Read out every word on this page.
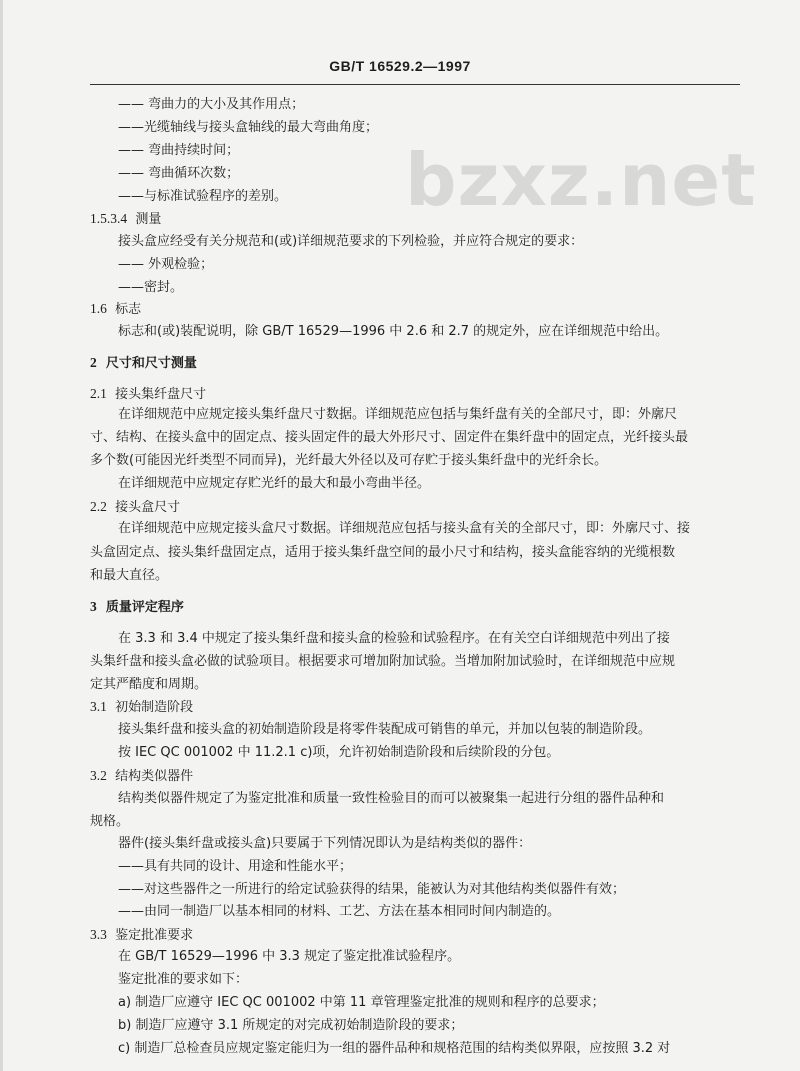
GB/T 16529.2—1997
bzxz.net
—— 弯曲力的大小及其作用点；
——光缆轴线与接头盒轴线的最大弯曲角度；
—— 弯曲持续时间；
—— 弯曲循环次数；
——与标准试验程序的差别。
1.5.3.4 测量
接头盒应经受有关分规范和(或)详细规范要求的下列检验，并应符合规定的要求：
—— 外观检验；
——密封。
1.6 标志
标志和(或)装配说明，除 GB/T 16529—1996 中 2.6 和 2.7 的规定外，应在详细规范中给出。
2 尺寸和尺寸测量
2.1 接头集纤盘尺寸
在详细规范中应规定接头集纤盘尺寸数据。详细规范应包括与集纤盘有关的全部尺寸，即：外廓尺
寸、结构、在接头盒中的固定点、接头固定件的最大外形尺寸、固定件在集纤盘中的固定点，光纤接头最
多个数(可能因光纤类型不同而异)，光纤最大外径以及可存贮于接头集纤盘中的光纤余长。
在详细规范中应规定存贮光纤的最大和最小弯曲半径。
2.2 接头盒尺寸
在详细规范中应规定接头盒尺寸数据。详细规范应包括与接头盒有关的全部尺寸，即：外廓尺寸、接
头盒固定点、接头集纤盘固定点，适用于接头集纤盘空间的最小尺寸和结构，接头盒能容纳的光缆根数
和最大直径。
3 质量评定程序
在 3.3 和 3.4 中规定了接头集纤盘和接头盒的检验和试验程序。在有关空白详细规范中列出了接
头集纤盘和接头盒必做的试验项目。根据要求可增加附加试验。当增加附加试验时，在详细规范中应规
定其严酷度和周期。
3.1 初始制造阶段
接头集纤盘和接头盒的初始制造阶段是将零件装配成可销售的单元，并加以包装的制造阶段。
按 IEC QC 001002 中 11.2.1 c)项，允许初始制造阶段和后续阶段的分包。
3.2 结构类似器件
结构类似器件规定了为鉴定批准和质量一致性检验目的而可以被聚集一起进行分组的器件品种和
规格。
器件(接头集纤盘或接头盒)只要属于下列情况即认为是结构类似的器件：
——具有共同的设计、用途和性能水平；
——对这些器件之一所进行的给定试验获得的结果，能被认为对其他结构类似器件有效；
——由同一制造厂以基本相同的材料、工艺、方法在基本相同时间内制造的。
3.3 鉴定批准要求
在 GB/T 16529—1996 中 3.3 规定了鉴定批准试验程序。
鉴定批准的要求如下：
a) 制造厂应遵守 IEC QC 001002 中第 11 章管理鉴定批准的规则和程序的总要求；
b) 制造厂应遵守 3.1 所规定的对完成初始制造阶段的要求；
c) 制造厂总检查员应规定鉴定能归为一组的器件品种和规格范围的结构类似界限，应按照 3.2 对
